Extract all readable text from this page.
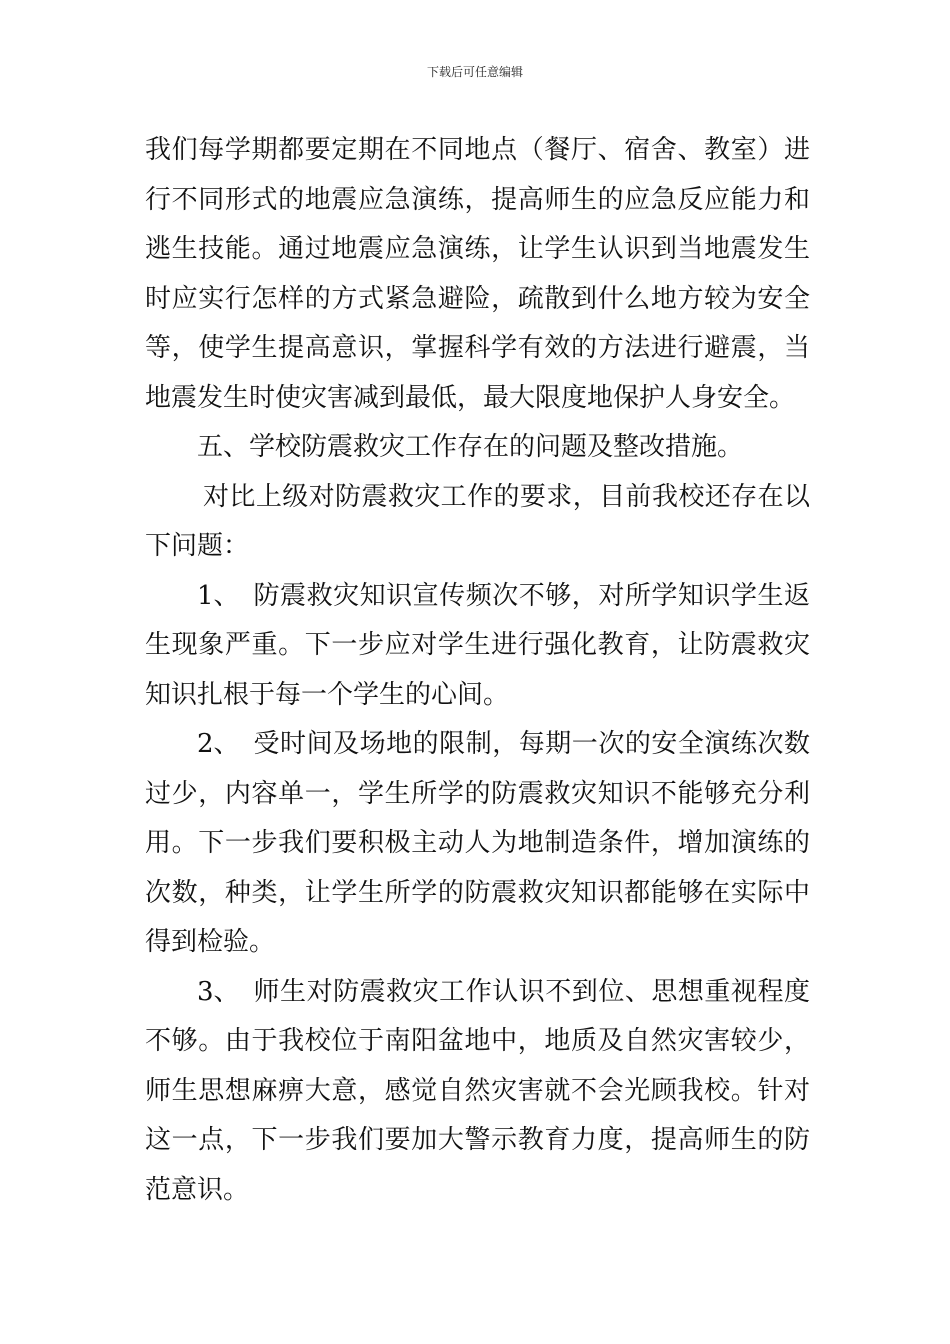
下载后可任意编辑

我们每学期都要定期在不同地点（餐厅、宿舍、教室）进行不同形式的地震应急演练，提高师生的应急反应能力和逃生技能。通过地震应急演练，让学生认识到当地震发生时应实行怎样的方式紧急避险，疏散到什么地方较为安全等，使学生提高意识，掌握科学有效的方法进行避震，当地震发生时使灾害减到最低，最大限度地保护人身安全。

五、学校防震救灾工作存在的问题及整改措施。

对比上级对防震救灾工作的要求，目前我校还存在以下问题：

1、 防震救灾知识宣传频次不够，对所学知识学生返生现象严重。下一步应对学生进行强化教育，让防震救灾知识扎根于每一个学生的心间。

2、 受时间及场地的限制，每期一次的安全演练次数过少，内容单一，学生所学的防震救灾知识不能够充分利用。下一步我们要积极主动人为地制造条件，增加演练的次数，种类，让学生所学的防震救灾知识都能够在实际中得到检验。

3、 师生对防震救灾工作认识不到位、思想重视程度不够。由于我校位于南阳盆地中，地质及自然灾害较少，师生思想麻痹大意，感觉自然灾害就不会光顾我校。针对这一点，下一步我们要加大警示教育力度，提高师生的防范意识。
